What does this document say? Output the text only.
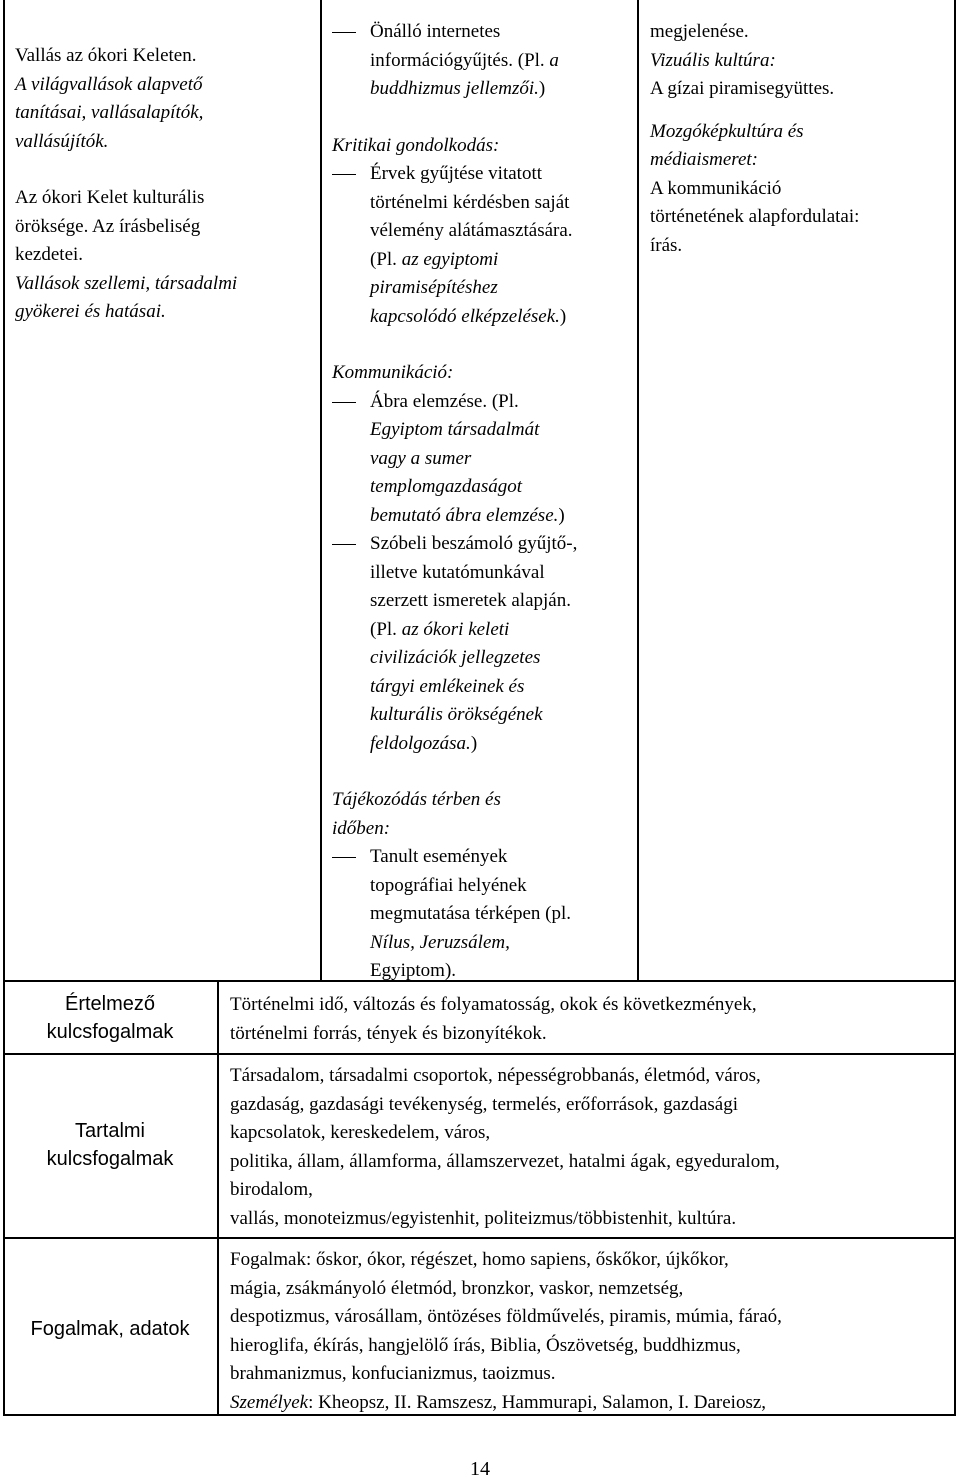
Vallás az ókori Keleten.
A világvallások alapvető
tanításai, vallásalapítók,
vallásújítók.
Az ókori Kelet kulturális
öröksége. Az írásbeliség
kezdetei.
Vallások szellemi, társadalmi
gyökerei és hatásai.
Önálló internetes
információgyűjtés. (Pl. a
buddhizmus jellemzői.)
Kritikai gondolkodás:
Érvek gyűjtése vitatott
történelmi kérdésben saját
vélemény alátámasztására.
(Pl. az egyiptomi
piramisépítéshez
kapcsolódó elképzelések.)
Kommunikáció:
Ábra elemzése. (Pl.
Egyiptom társadalmát
vagy a sumer
templomgazdaságot
bemutató ábra elemzése.)
Szóbeli beszámoló gyűjtő-,
illetve kutatómunkával
szerzett ismeretek alapján.
(Pl. az ókori keleti
civilizációk jellegzetes
tárgyi emlékeinek és
kulturális örökségének
feldolgozása.)
Tájékozódás térben és
időben:
Tanult események
topográfiai helyének
megmutatása térképen (pl.
Nílus, Jeruzsálem,
Egyiptom).
megjelenése.
Vizuális kultúra:
A gízai piramisegyüttes.
Mozgóképkultúra és
médiaismeret:
A kommunikáció
történetének alapfordulatai:
írás.
Értelmező
kulcsfogalmak
Történelmi idő, változás és folyamatosság, okok és következmények,
történelmi forrás, tények és bizonyítékok.
Tartalmi
kulcsfogalmak
Társadalom, társadalmi csoportok, népességrobbanás, életmód, város,
gazdaság, gazdasági tevékenység, termelés, erőforrások, gazdasági
kapcsolatok, kereskedelem, város,
politika, állam, államforma, államszervezet, hatalmi ágak, egyeduralom,
birodalom,
vallás, monoteizmus/egyistenhit, politeizmus/többistenhit, kultúra.
Fogalmak, adatok
Fogalmak: őskor, ókor, régészet, homo sapiens, őskőkor, újkőkor,
mágia, zsákmányoló életmód, bronzkor, vaskor, nemzetség,
despotizmus, városállam, öntözéses földművelés, piramis, múmia, fáraó,
hieroglifa, ékírás, hangjelölő írás, Biblia, Ószövetség, buddhizmus,
brahmanizmus, konfucianizmus, taoizmus.
Személyek: Kheopsz, II. Ramszesz, Hammurapi, Salamon, I. Dareiosz,
14
